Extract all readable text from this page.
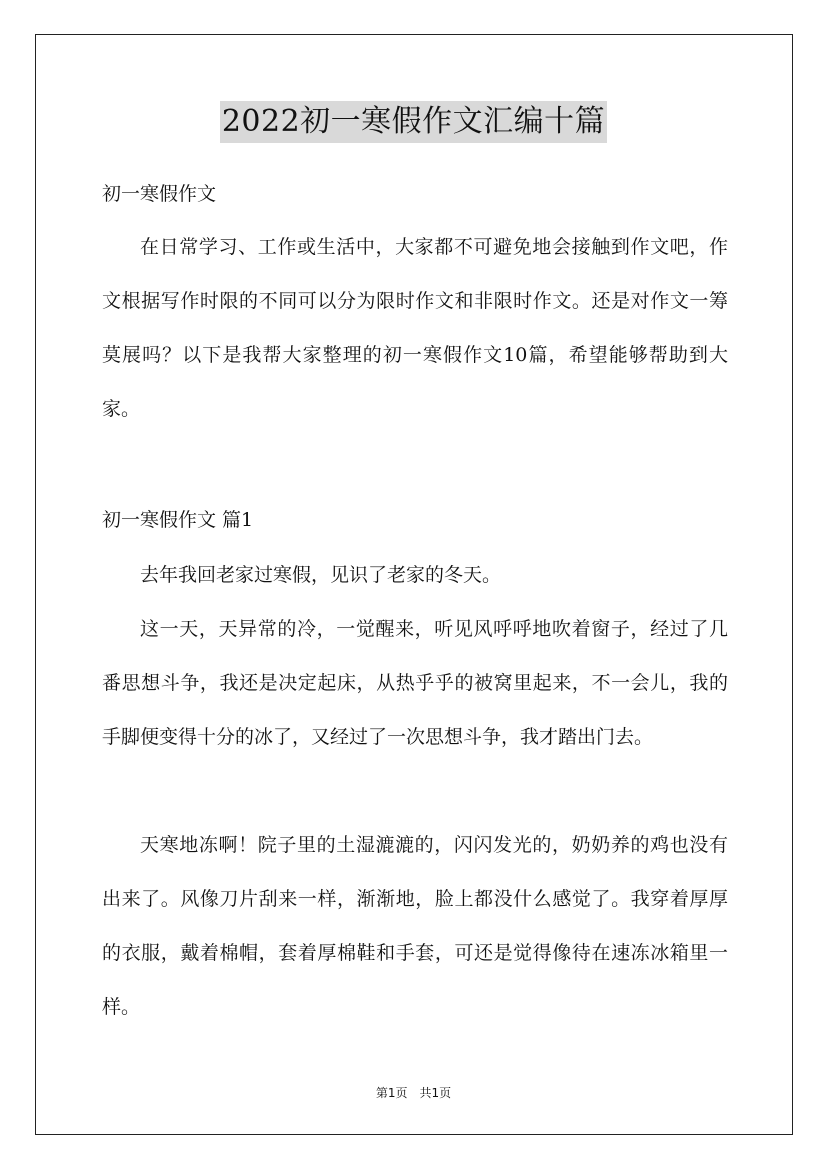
2022初一寒假作文汇编十篇
初一寒假作文
在日常学习、工作或生活中，大家都不可避免地会接触到作文吧，作文根据写作时限的不同可以分为限时作文和非限时作文。还是对作文一筹莫展吗？以下是我帮大家整理的初一寒假作文10篇，希望能够帮助到大家。
初一寒假作文 篇1
去年我回老家过寒假，见识了老家的冬天。
这一天，天异常的冷，一觉醒来，听见风呼呼地吹着窗子，经过了几番思想斗争，我还是决定起床，从热乎乎的被窝里起来，不一会儿，我的手脚便变得十分的冰了，又经过了一次思想斗争，我才踏出门去。
天寒地冻啊！院子里的土湿漉漉的，闪闪发光的，奶奶养的鸡也没有出来了。风像刀片刮来一样，渐渐地，脸上都没什么感觉了。我穿着厚厚的衣服，戴着棉帽，套着厚棉鞋和手套，可还是觉得像待在速冻冰箱里一样。
第1页　共1页
